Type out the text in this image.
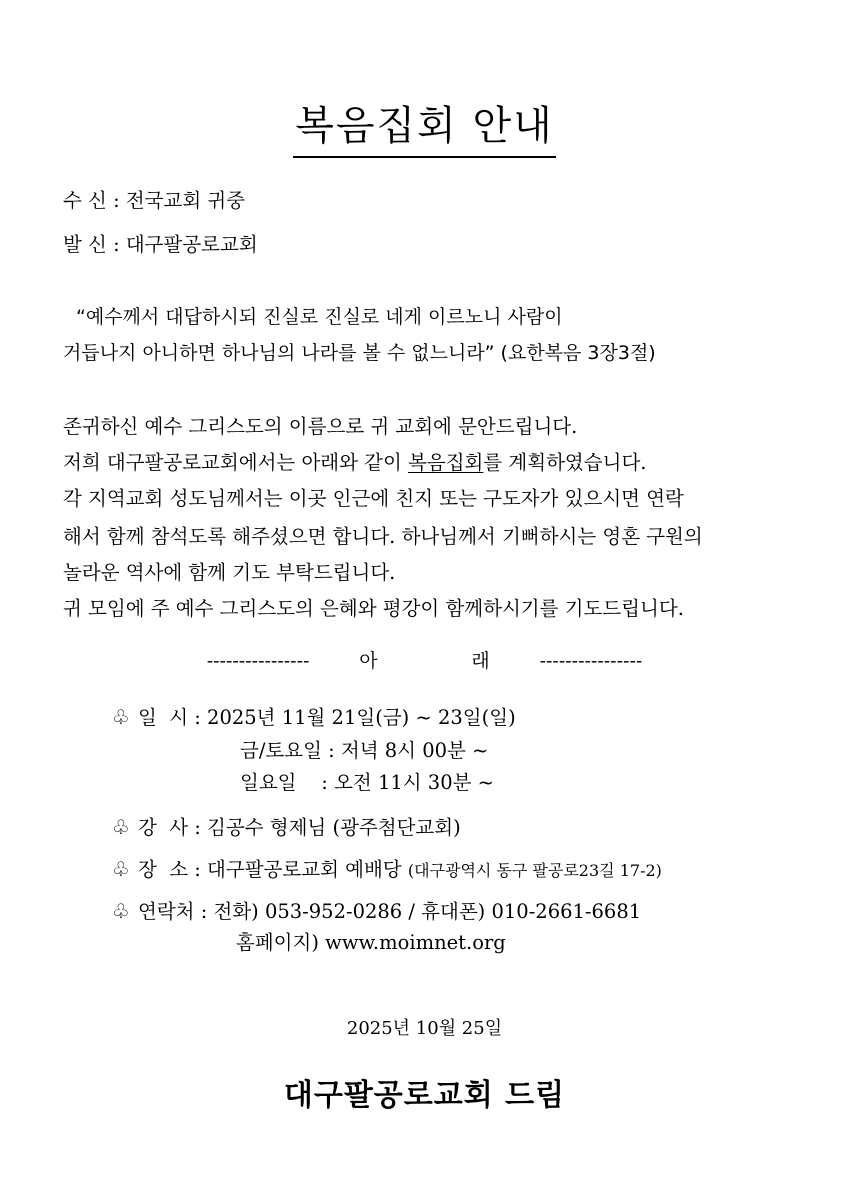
복음집회 안내
수 신 : 전국교회 귀중
발 신 : 대구팔공로교회
“예수께서 대답하시되 진실로 진실로 네게 이르노니 사람이
거듭나지 아니하면 하나님의 나라를 볼 수 없느니라” (요한복음 3장3절)
존귀하신 예수 그리스도의 이름으로 귀 교회에 문안드립니다.
저희 대구팔공로교회에서는 아래와 같이 복음집회를 계획하였습니다.
각 지역교회 성도님께서는 이곳 인근에 친지 또는 구도자가 있으시면 연락
해서 함께 참석도록 해주셨으면 합니다. 하나님께서 기뻐하시는 영혼 구원의
놀라운 역사에 함께 기도 부탁드립니다.
귀 모임에 주 예수 그리스도의 은혜와 평강이 함께하시기를 기도드립니다.
----------------	아	래	----------------
♧ 일  시 : 2025년 11월 21일(금) ~ 23일(일)
금/토요일 : 저녁 8시 00분 ~
일요일    : 오전 11시 30분 ~
♧ 강  사 : 김공수 형제님 (광주첨단교회)
♧ 장  소 : 대구팔공로교회 예배당 (대구광역시 동구 팔공로23길 17-2)
♧ 연락처 : 전화) 053-952-0286 / 휴대폰) 010-2661-6681
홈페이지) www.moimnet.org
2025년 10월 25일
대구팔공로교회 드림
